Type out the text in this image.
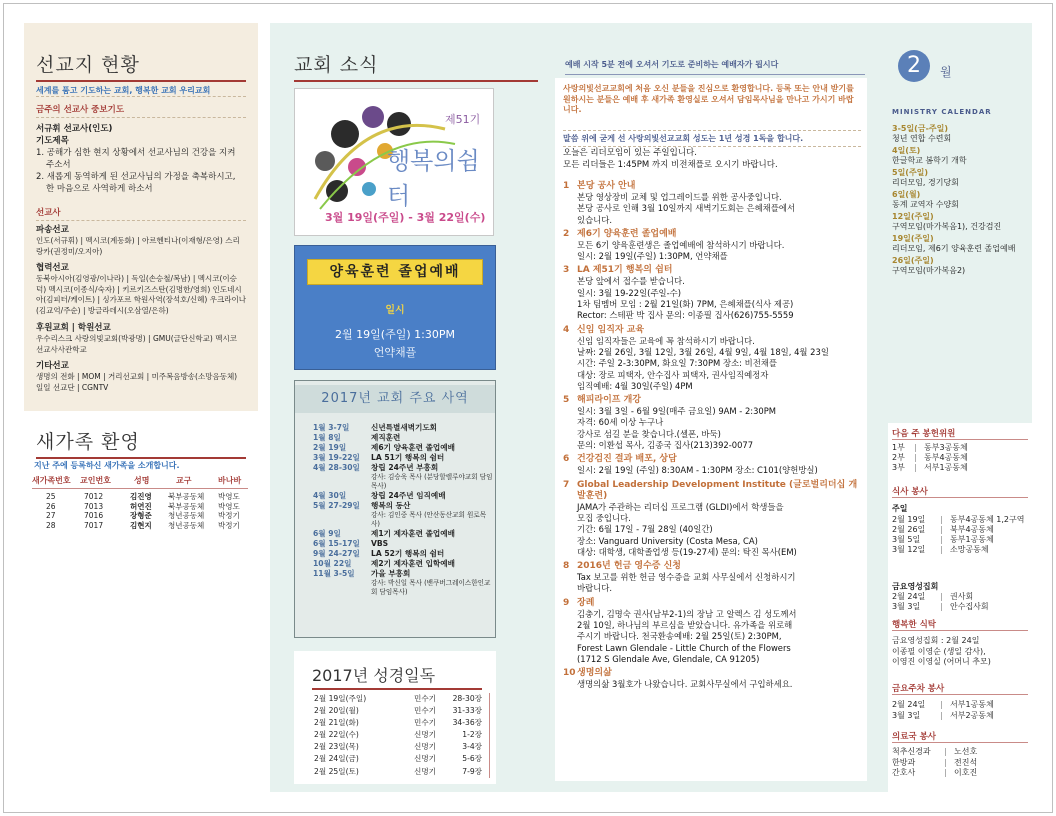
선교지 현황
세계를 품고 기도하는 교회, 행복한 교회 우리교회
금주의 선교사 중보기도
서규휘 선교사(인도)
기도제목
1. 공해가 심한 현지 상황에서 선교사님의 건강을 지켜 주소서
2. 새롭게 동역하게 된 선교사님의 가정을 축복하시고, 한 마음으로 사역하게 하소서
선교사
파송선교
인도(서규휘) | 멕시코(계동화) | 아르헨티나(이재형/은영) 스리랑카(권정미/오지아)
협력선교
동북아시아(김영광/이나라) | 독일(손승철/복남) | 멕시코(이승덕) 멕시코(이종식/숙자) | 키르키즈스탄(김명한/영희) 인도네시아(김피터/케이트) | 싱가포르 학원사역(장석호/신혜) 우크라이나(김교억/주순) | 방글라데시(오삼열/은하)
후원교회 | 학원선교
우수리스크 사랑의빛교회(박광명) | GMU(글단신학교) 멕시코 선교사사관학교
기타선교
생명의 전화 | MOM | 거리선교회 | 미주복음방송(소망음동체) 일일 선교단 | CGNTV
새가족 환영
지난 주에 등록하신 새가족을 소개합니다.
새가족번호	교인번호	성명	교구	바나바
25	7012	김진영	북부공동체	박영도
26	7013	허연진	북부공동체	박영도
27	7016	장형준	청년공동체	박정기
28	7017	김현지	청년공동체	박정기
교회 소식	예배 시작 5분 전에 오셔서 기도로 준비하는 예배자가 됩시다
제51기
행복의쉼터
3월 19일(주일) - 3월 22일(수)
양육훈련 졸업예배
일시
2월 19일(주일) 1:30PM
언약채플
2017년 교회 주요 사역
1월 3-7일	신년특별새벽기도회
1월 8일	제직훈련
2월 19일	제6기 양육훈련 졸업예배
3월 19-22일	LA 51기 행복의 쉼터
4월 28-30일	창립 24주년 부흥회
강사: 김승욱 목사 (분당할렐루야교회 담임목사)
4월 30일	창립 24주년 임직예배
5월 27-29일	행복의 동산
강사: 김인중 목사 (안산동산교회 원로목사)
6월 9일	제1기 제자훈련 졸업예배
6월 15-17일	VBS
9월 24-27일	LA 52기 행복의 쉼터
10월 22일	제2기 제자훈련 입학예배
11월 3-5일	가을 부흥회
강사: 박신일 목사 (밴쿠버그레이스한인교회 담임목사)
2017년 성경일독
2월 19일(주일)	민수기	28-30장
2월 20일(월)	민수기	31-33장
2월 21일(화)	민수기	34-36장
2월 22일(수)	신명기	1-2장
2월 23일(목)	신명기	3-4장
2월 24일(금)	신명기	5-6장
2월 25일(토)	신명기	7-9장
사랑의빛선교교회에 처음 오신 분들을 진심으로 환영합니다. 등록 또는 안내 받기를 원하시는 분들은 예배 후 새가족 환영실로 오셔서 담임목사님을 만나고 가시기 바랍니다.
말씀 위에 굳게 선 사랑의빛선교교회 성도는 1년 성경 1독을 합니다.
오늘은 리더모임이 있는 주일입니다.
모든 리더들은 1:45PM 까지 비전채플로 오시기 바랍니다.
1 본당 공사 안내
본당 영상장비 교체 및 업그레이드를 위한 공사중입니다.
본당 공사로 인해 3월 10일까지 새벽기도회는 은혜채플에서
있습니다.
2 제6기 양육훈련 졸업예배
모든 6기 양육훈련생은 졸업예배에 참석하시기 바랍니다.
일시: 2월 19일(주일) 1:30PM, 언약채플
3 LA 제51기 행복의 쉼터
본당 앞에서 접수를 받습니다.
일시: 3월 19-22일(주일-수)
1차 팀멤버 모임 : 2월 21일(화) 7PM, 은혜채플(식사 제공)
Rector: 스테판 박 집사 문의: 이종필 집사(626)755-5559
4 신임 임직자 교육
신임 임직자들은 교육에 꼭 참석하시기 바랍니다.
날짜: 2월 26일, 3월 12일, 3월 26일, 4월 9일, 4월 18일, 4월 23일
시간: 주일 2-3:30PM, 화요일 7:30PM 장소: 비전채플
대상: 장로 피택자, 안수집사 피택자, 권사임직예정자
임직예배: 4월 30일(주일) 4PM
5 해피라이프 개강
일시: 3월 3일 - 6월 9일(매주 금요일) 9AM - 2:30PM
자격: 60세 이상 누구나
강사로 섬길 분을 찾습니다.(셀폰, 바둑)
문의: 이환섭 목사, 김종국 집사(213)392-0077
6 건강검진 결과 배포, 상담
일시: 2월 19일 (주일) 8:30AM - 1:30PM 장소: C101(양헌방실)
7 Global Leadership Development Institute (글로벌리더십 개발훈련)
JAMA가 주관하는 리더십 프로그램 (GLDI)에서 학생들을
모집 중입니다.
기간: 6월 17일 - 7월 28일 (40일간)
장소: Vanguard University (Costa Mesa, CA)
대상: 대학생, 대학졸업생 등(19-27세) 문의: 탁진 목사(EM)
8 2016년 헌금 영수증 신청
Tax 보고를 위한 헌금 영수증을 교회 사무실에서 신청하시기
바랍니다.
9 장례
김충기, 김명숙 권사(남부2-1)의 장남 고 알렉스 김 성도께서
2월 10일, 하나님의 부르심을 받았습니다. 유가족을 위로해
주시기 바랍니다. 천국환송예배: 2월 25일(토) 2:30PM,
Forest Lawn Glendale - Little Church of the Flowers
(1712 S Glendale Ave, Glendale, CA 91205)
10 생명의삶
생명의삶 3월호가 나왔습니다. 교회사무실에서 구입하세요.
2	월
MINISTRY CALENDAR
3-5일(금-주일)
청년 연합 수련회
4일(토)
한글학교 봄학기 개학
5일(주일)
리더모임, 경기당회
6일(월)
동계 교역자 수양회
12일(주일)
구역모임(마가복음1), 건강검진
19일(주일)
리더모임, 제6기 양육훈련 졸업예배
26일(주일)
구역모임(마가복음2)
다음 주 봉헌위원
1부	| 동부3공동체
2부	| 동부4공동체
3부	| 서부1공동체
식사 봉사
주일
2월 19일	| 동부4공동체 1,2구역
2월 26일	| 북부4공동체
3월 5일	| 동부1공동체
3월 12일	| 소망공동체
금요영성집회
2월 24일	| 권사회
3월 3일	| 안수집사회
행복한 식탁
금요영성집회 : 2월 24일
이종필 이영순 (생일 감사),
이영진 이영실 (어머니 추모)
금요주차 봉사
2월 24일	| 서부1공동체
3월 3일	| 서부2공동체
의료국 봉사
척추신경과	| 노선호
한방과	| 전진석
간호사	| 이호진
